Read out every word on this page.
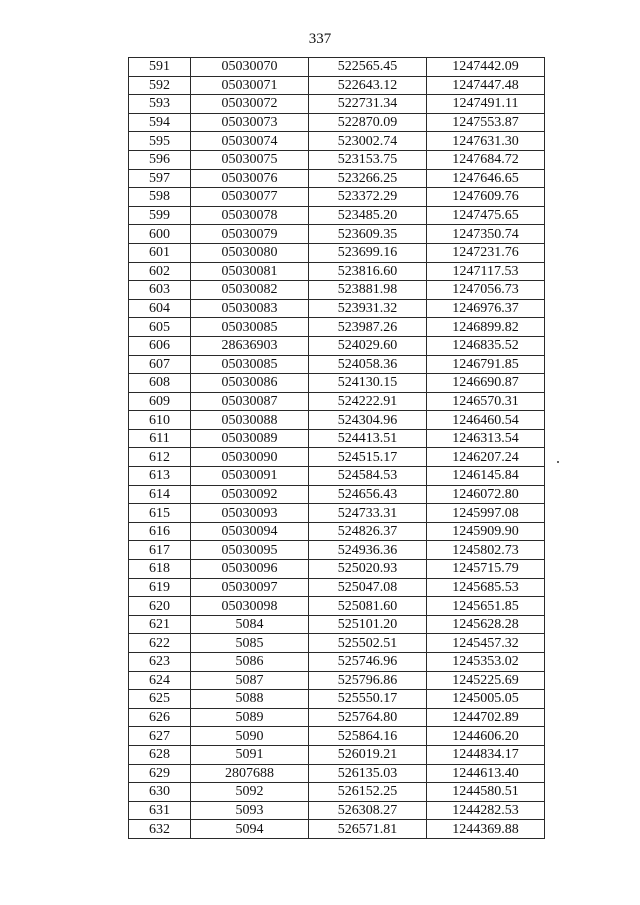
337
591	05030070	522565.45	1247442.09
592	05030071	522643.12	1247447.48
593	05030072	522731.34	1247491.11
594	05030073	522870.09	1247553.87
595	05030074	523002.74	1247631.30
596	05030075	523153.75	1247684.72
597	05030076	523266.25	1247646.65
598	05030077	523372.29	1247609.76
599	05030078	523485.20	1247475.65
600	05030079	523609.35	1247350.74
601	05030080	523699.16	1247231.76
602	05030081	523816.60	1247117.53
603	05030082	523881.98	1247056.73
604	05030083	523931.32	1246976.37
605	05030085	523987.26	1246899.82
606	28636903	524029.60	1246835.52
607	05030085	524058.36	1246791.85
608	05030086	524130.15	1246690.87
609	05030087	524222.91	1246570.31
610	05030088	524304.96	1246460.54
611	05030089	524413.51	1246313.54
612	05030090	524515.17	1246207.24
613	05030091	524584.53	1246145.84
614	05030092	524656.43	1246072.80
615	05030093	524733.31	1245997.08
616	05030094	524826.37	1245909.90
617	05030095	524936.36	1245802.73
618	05030096	525020.93	1245715.79
619	05030097	525047.08	1245685.53
620	05030098	525081.60	1245651.85
621	5084	525101.20	1245628.28
622	5085	525502.51	1245457.32
623	5086	525746.96	1245353.02
624	5087	525796.86	1245225.69
625	5088	525550.17	1245005.05
626	5089	525764.80	1244702.89
627	5090	525864.16	1244606.20
628	5091	526019.21	1244834.17
629	2807688	526135.03	1244613.40
630	5092	526152.25	1244580.51
631	5093	526308.27	1244282.53
632	5094	526571.81	1244369.88
